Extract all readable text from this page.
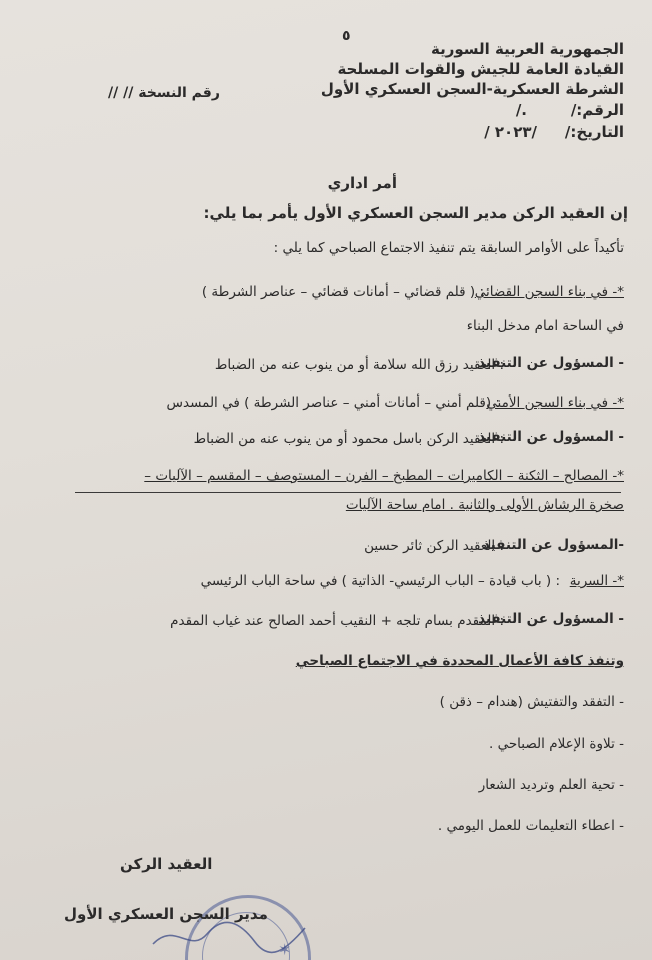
٥
الجمهورية العربية السورية
القيادة العامة للجيش والقوات المسلحة
الشرطة العسكرية-السجن العسكري الأول
الرقم:/
/.
التاريخ:/
/ ٢٠٢٣/
رقم النسخة // //
أمر اداري
إن العقيد الركن مدير السجن العسكري الأول يأمر بما يلي:
تأكيداً على الأوامر السابقة يتم تنفيذ الاجتماع الصباحي كما يلي :
*- في بناء السجن القضائي
: ( قلم قضائي – أمانات قضائي – عناصر الشرطة )
في الساحة امام مدخل البناء
- المسؤول عن التنفيذ
: العقيد رزق الله سلامة أو من ينوب عنه من الضباط
*- في بناء السجن الأمني
: (قلم أمني – أمانات أمني – عناصر الشرطة ) في المسدس
- المسؤول عن التنفيذ
: العقيد الركن باسل محمود أو من ينوب عنه من الضباط
*- المصالح – الثكنة – الكاميرات – المطبخ – الفرن – المستوصف – المقسم – الآليات –
صخرة الرشاش الأولى والثانية . امام ساحة الآليات
-المسؤول عن التنفيذ
: العقيد الركن ثائر حسين
*- السرية
: ( باب قيادة – الباب الرئيسي- الذاتية ) في ساحة الباب الرئيسي
- المسؤول عن التنفيذ
: المقدم بسام تلجه + النقيب أحمد الصالح عند غياب المقدم
وتنفذ كافة الأعمال المحددة في الاجتماع الصباحي
- التفقد والتفتيش (هندام – ذقن )
- تلاوة الإعلام الصباحي .
- تحية العلم وترديد الشعار
- اعطاء التعليمات للعمل اليومي .
العقيد الركن
✶
مدير السجن العسكري الأول
